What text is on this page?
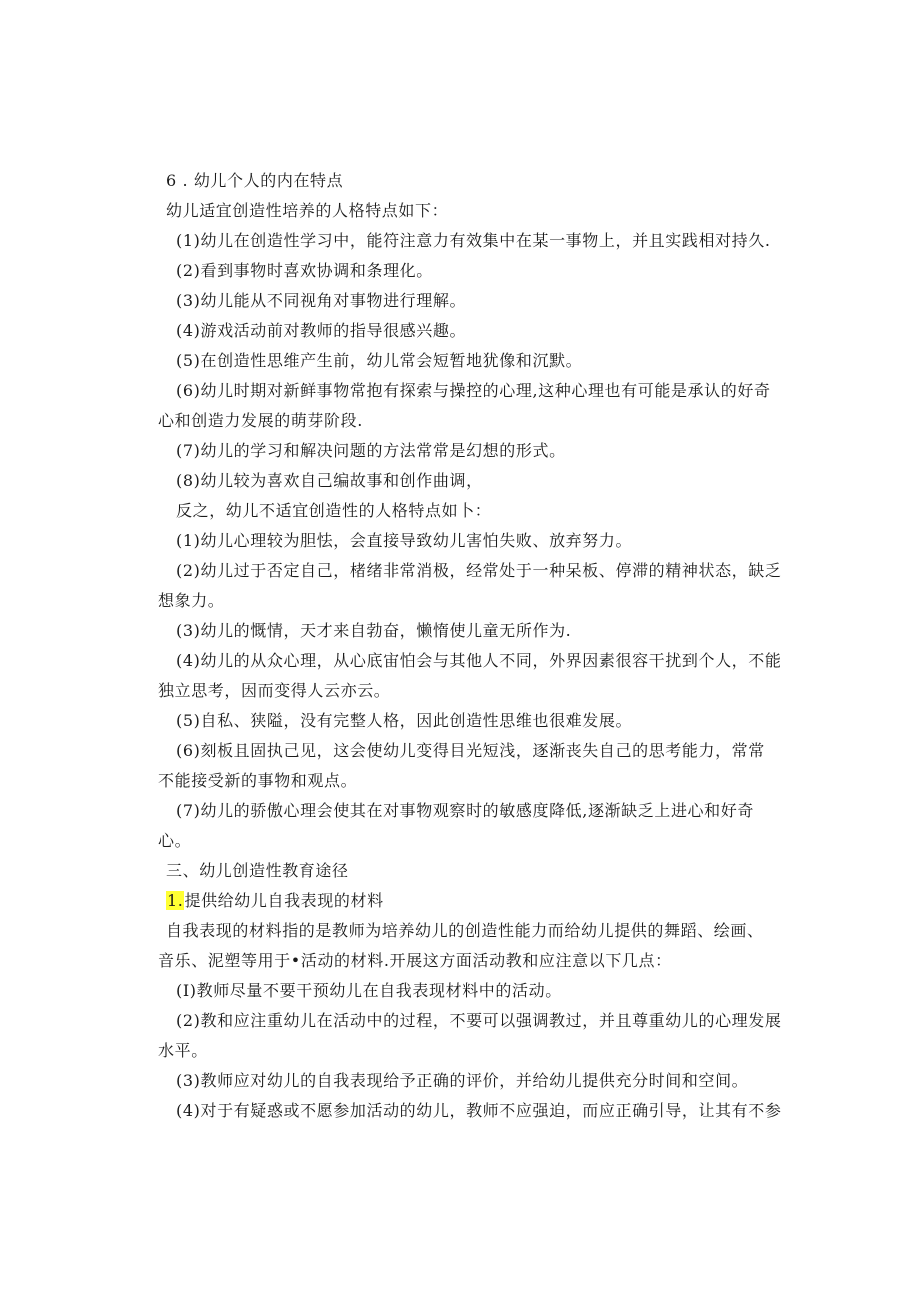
6 . 幼儿个人的内在特点
幼儿适宜创造性培养的人格特点如下：
(1)幼儿在创造性学习中，能符注意力有效集中在某一事物上，并且实践相对持久.
(2)看到事物时喜欢协调和条理化。
(3)幼儿能从不同视角对事物进行理解。
(4)游戏活动前对教师的指导很感兴趣。
(5)在创造性思维产生前，幼儿常会短暂地犹像和沉默。
(6)幼儿时期对新鲜事物常抱有探索与操控的心理,这种心理也有可能是承认的好奇
心和创造力发展的萌芽阶段.
(7)幼儿的学习和解决问题的方法常常是幻想的形式。
(8)幼儿较为喜欢自己编故事和创作曲调，
反之，幼儿不适宜创造性的人格特点如卜：
(1)幼儿心理较为胆怯，会直接导致幼儿害怕失败、放弃努力。
(2)幼儿过于否定自己，楮绪非常消极，经常处于一种呆板、停滞的精神状态，缺乏
想象力。
(3)幼儿的慨情，天才来自勃奋，懒惰使儿童无所作为.
(4)幼儿的从众心理，从心底宙怕会与其他人不同，外界因素很容干扰到个人，不能
独立思考，因而变得人云亦云。
(5)自私、狭隘，没有完整人格，因此创造性思维也很难发展。
(6)刻板且固执己见，这会使幼儿变得目光短浅，逐渐丧失自己的思考能力，常常
不能接受新的事物和观点。
(7)幼儿的骄傲心理会使其在对事物观察时的敏感度降低,逐渐缺乏上进心和好奇
心。
三、幼儿创造性教育途径
1.提供给幼儿自我表现的材料
自我表现的材料指的是教师为培养幼儿的创造性能力而给幼儿提供的舞蹈、绘画、
音乐、泥塑等用于•活动的材料.开展这方面活动教和应注意以下几点：
(I)教师尽量不要干预幼儿在自我表现材料中的活动。
(2)教和应注重幼儿在活动中的过程，不要可以强调教过，并且尊重幼儿的心理发展
水平。
(3)教师应对幼儿的自我表现给予正确的评价，并给幼儿提供充分时间和空间。
(4)对于有疑惑或不愿参加活动的幼儿，教师不应强迫，而应正确引导，让其有不参
